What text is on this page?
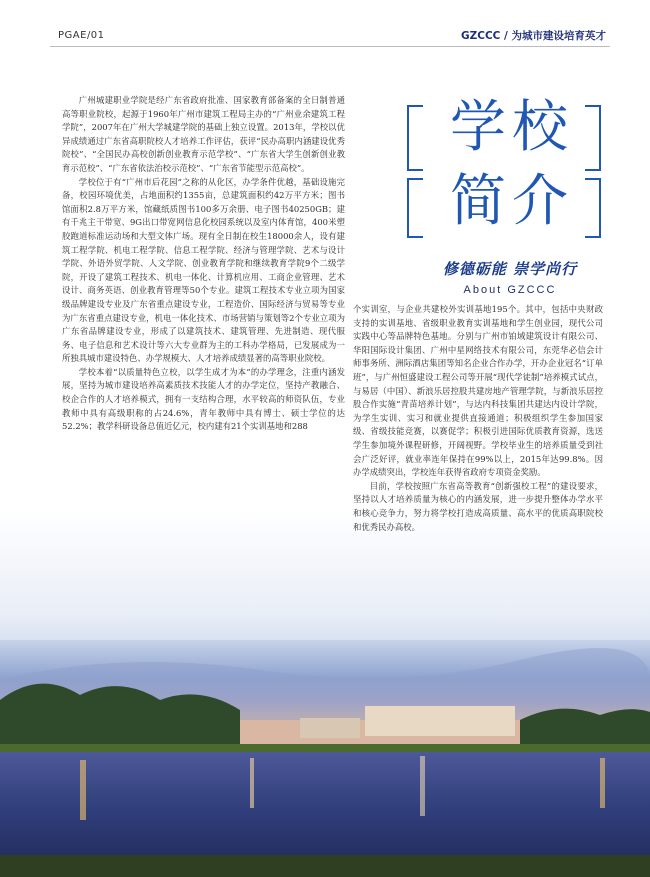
PGAE/01	GZCCC / 为城市建设培育英才
学校
简介
修德砺能 崇学尚行
About GZCCC

广州城建职业学院是经广东省政府批准、国家教育部备案的全日制普通高等职业院校，起源于1960年广州市建筑工程局主办的“广州业余建筑工程学院”，2007年在广州大学城建学院的基础上独立设置。2013年，学校以优异成绩通过广东省高职院校人才培养工作评估，获评“民办高职内涵建设优秀院校”、“全国民办高校创新创业教育示范学校”、“广东省大学生创新创业教育示范校”、“广东省依法治校示范校”、“广东省节能型示范高校”。

学校位于有“广州市后花园”之称的从化区，办学条件优越，基础设施完备，校园环境优美，占地面积约1355亩，总建筑面积约42万平方米；图书馆面积2.8万平方米，馆藏纸质图书100多万余册、电子图书40250GB；建有千兆主干带宽、9G出口带宽网信息化校园系统以及室内体育馆，400米塑胶跑道标准运动场和大型文体广场。现有全日制在校生18000余人，设有建筑工程学院、机电工程学院、信息工程学院、经济与管理学院、艺术与设计学院、外语外贸学院、人文学院、创业教育学院和继续教育学院9个二级学院，开设了建筑工程技术、机电一体化、计算机应用、工商企业管理、艺术设计、商务英语、创业教育管理等50个专业。建筑工程技术专业立项为国家级品牌建设专业及广东省重点建设专业，工程造价、国际经济与贸易等专业为广东省重点建设专业，机电一体化技术、市场营销与策划等2个专业立项为广东省品牌建设专业，形成了以建筑技术、建筑管理、先进制造、现代服务、电子信息和艺术设计等六大专业群为主的工科办学格局，已发展成为一所独具城市建设特色、办学规模大、人才培养成绩显著的高等职业院校。

学校本着“以质量特色立校，以学生成才为本”的办学理念，注重内涵发展，坚持为城市建设培养高素质技术技能人才的办学定位，坚持产教融合、校企合作的人才培养模式，拥有一支结构合理，水平较高的师资队伍，专业教师中具有高级职称的占24.6%，青年教师中具有博士、硕士学位的达52.2%；教学科研设备总值近亿元，校内建有21个实训基地和288

个实训室，与企业共建校外实训基地195个。其中，包括中央财政支持的实训基地、省级职业教育实训基地和学生创业园，现代公司实践中心等品牌特色基地。分别与广州市铂域建筑设计有限公司、华阳国际设计集团、广州中星网络技术有限公司，东莞华必信会计师事务所、洲际酒店集团等知名企业合作办学，开办企业冠名“订单班”，与广州恒盛建设工程公司等开展“现代学徒制”培养模式试点，与易居（中国）、新浪乐居控股共建房地产管理学院，与新浪乐居控股合作实施“青苗培养计划”，与达内科技集团共建达内设计学院，为学生实训、实习和就业提供直接通道；积极组织学生参加国家级、省级技能竞赛，以赛促学；积极引进国际优质教育资源，选送学生参加境外课程研修，开阔视野。学校毕业生的培养质量受到社会广泛好评，就业率连年保持在99%以上，2015年达99.8%。因办学成绩突出，学校连年获得省政府专项资金奖励。

目前，学校按照广东省高等教育“创新强校工程”的建设要求，坚持以人才培养质量为核心的内涵发展，进一步提升整体办学水平和核心竞争力，努力将学校打造成高质量、高水平的优质高职院校和优秀民办高校。
